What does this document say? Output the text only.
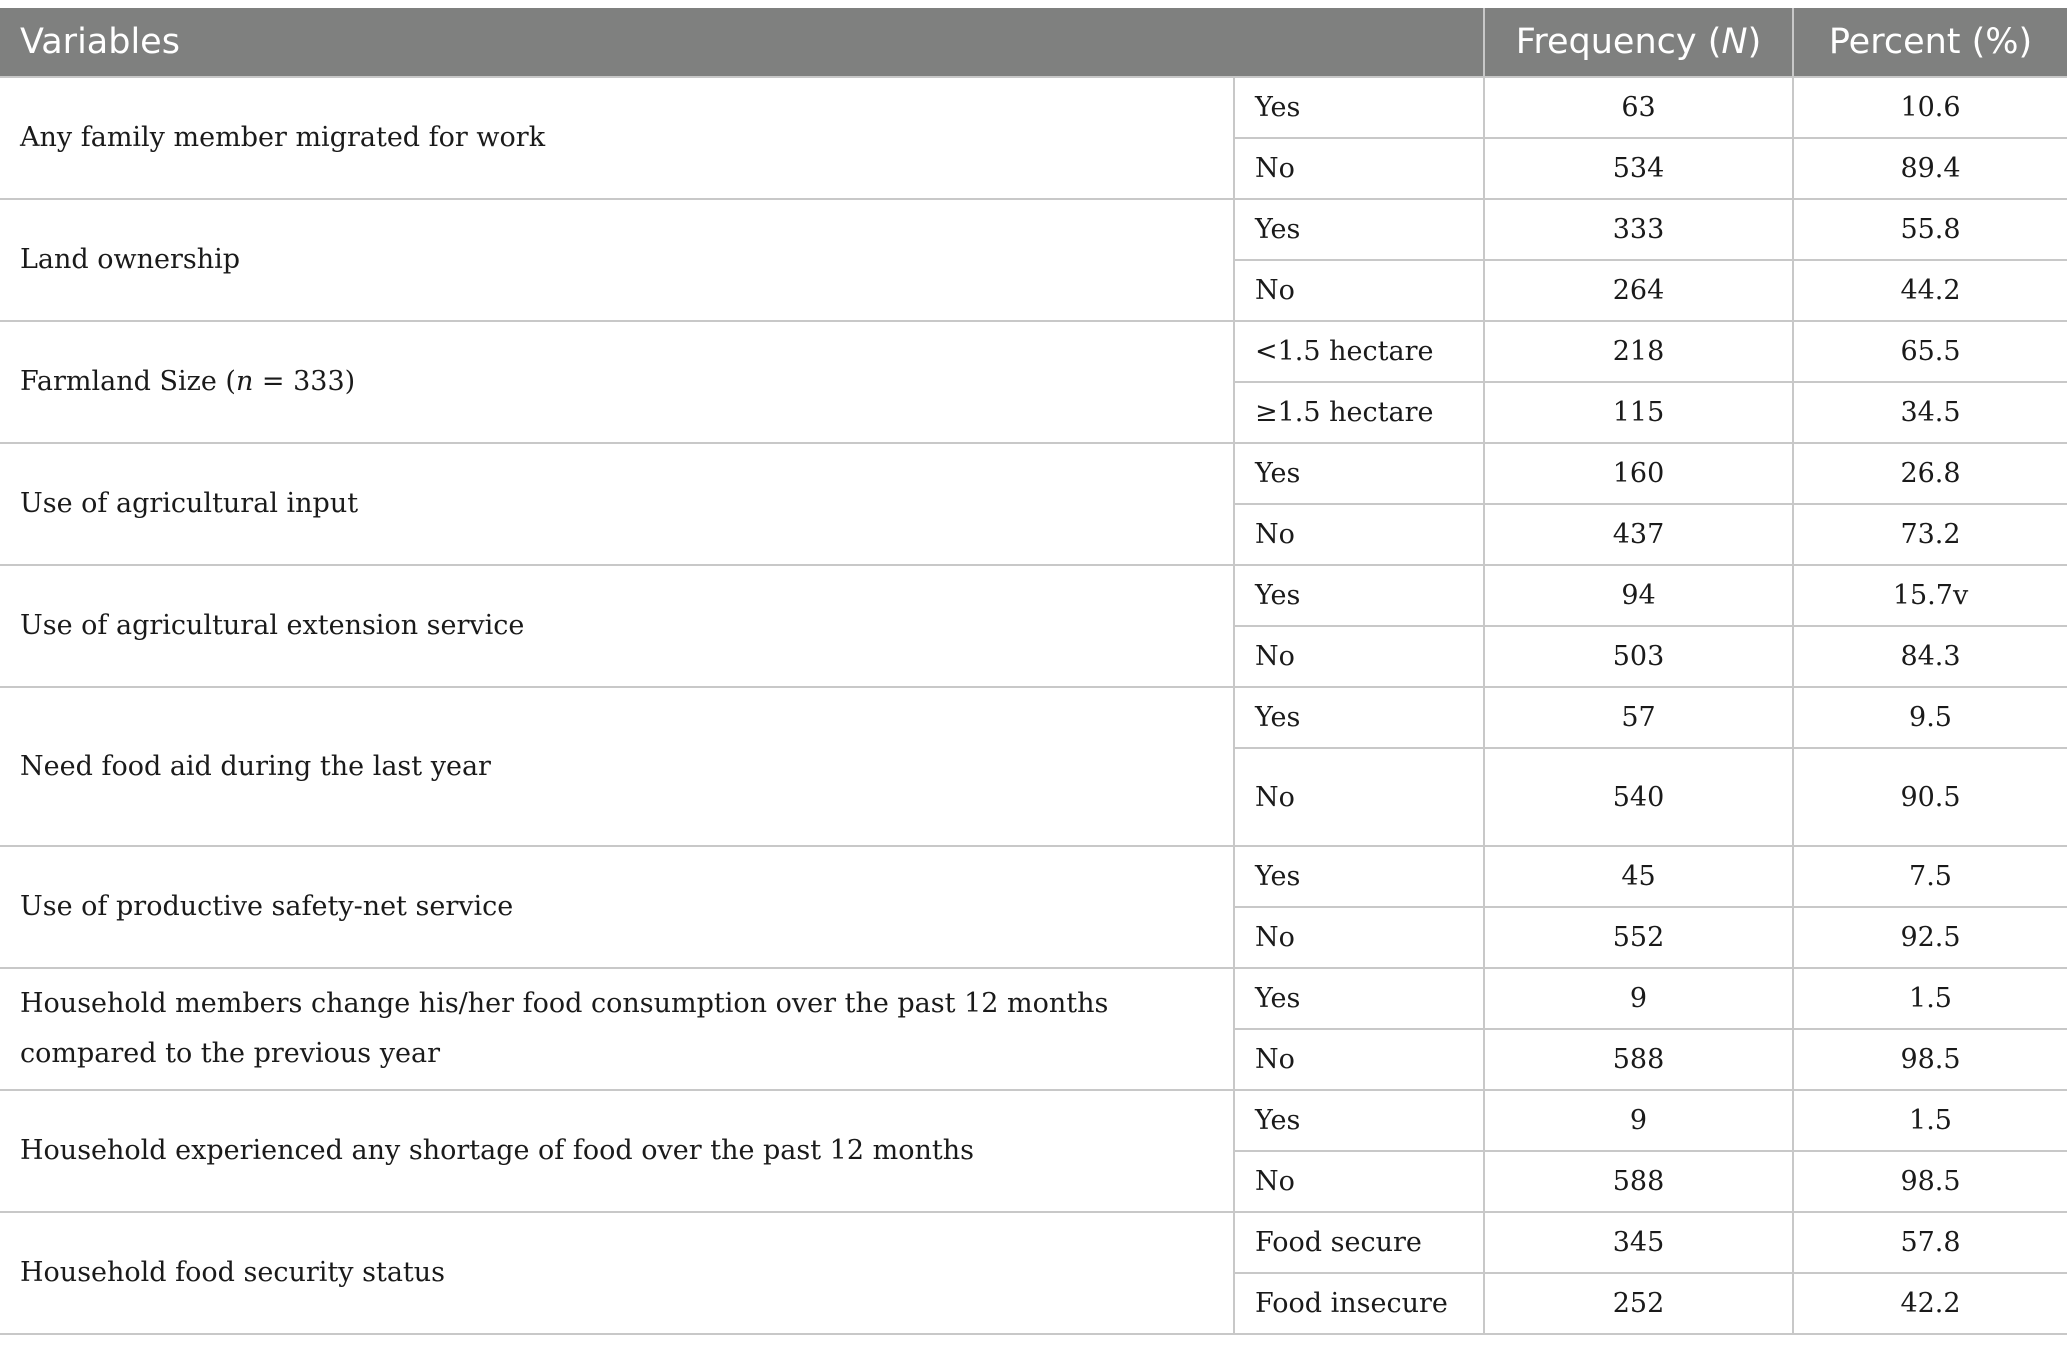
Variables		Frequency (N)	Percent (%)
Any family member migrated for work	Yes	63	10.6
	No	534	89.4
Land ownership	Yes	333	55.8
	No	264	44.2
Farmland Size (n = 333)	<1.5 hectare	218	65.5
	≥1.5 hectare	115	34.5
Use of agricultural input	Yes	160	26.8
	No	437	73.2
Use of agricultural extension service	Yes	94	15.7v
	No	503	84.3
Need food aid during the last year	Yes	57	9.5
	No	540	90.5
Use of productive safety-net service	Yes	45	7.5
	No	552	92.5
Household members change his/her food consumption over the past 12 months compared to the previous year	Yes	9	1.5
	No	588	98.5
Household experienced any shortage of food over the past 12 months	Yes	9	1.5
	No	588	98.5
Household food security status	Food secure	345	57.8
	Food insecure	252	42.2
